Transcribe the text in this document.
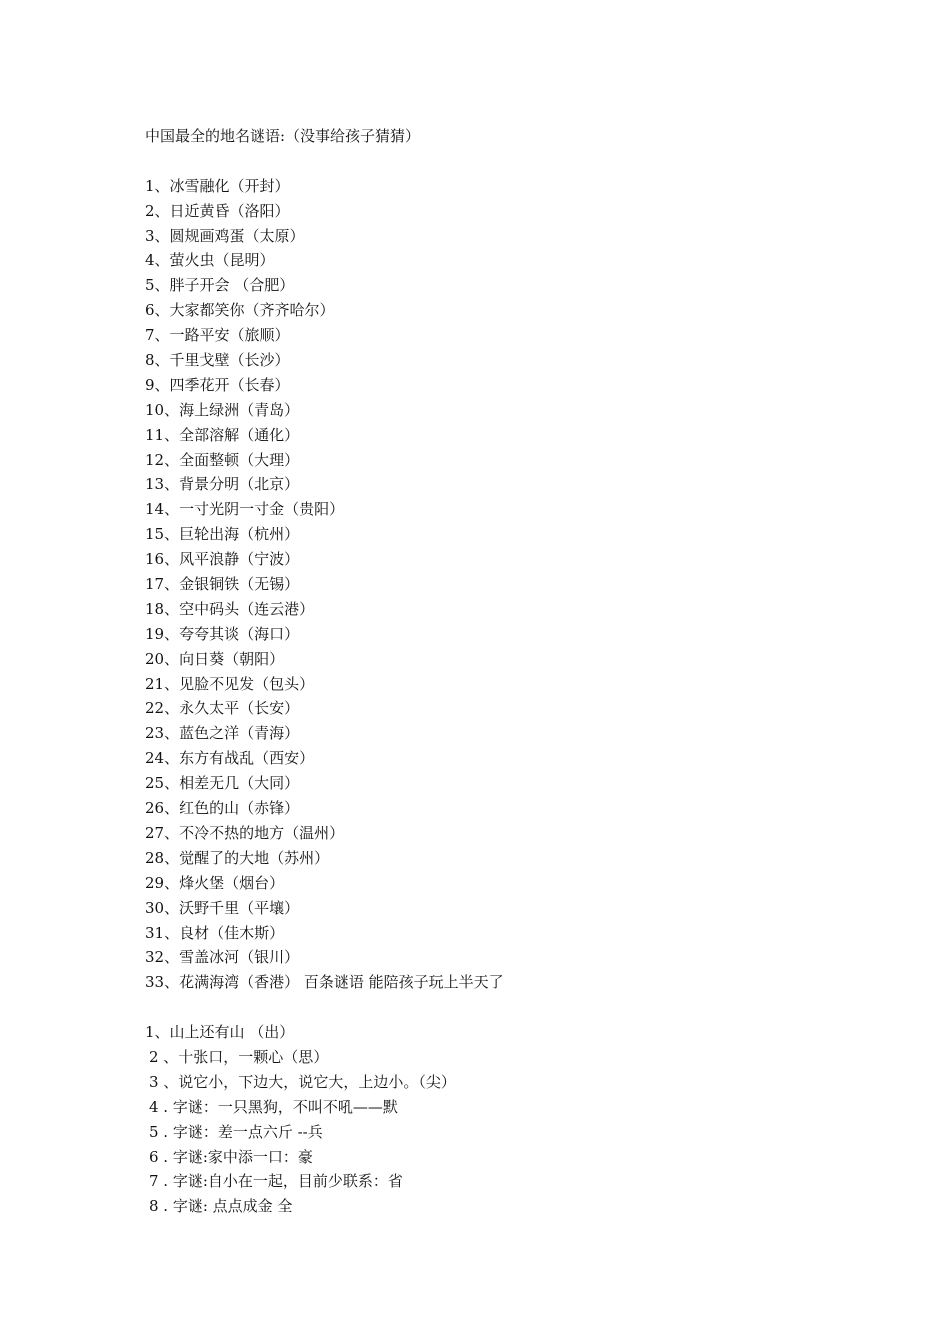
中国最全的地名谜语:（没事给孩子猜猜）
1、冰雪融化（开封）
2、日近黄昏（洛阳）
3、圆规画鸡蛋（太原）
4、萤火虫（昆明）
5、胖子开会 （合肥）
6、大家都笑你（齐齐哈尔）
7、一路平安（旅顺）
8、千里戈壁（长沙）
9、四季花开（长春）
10、海上绿洲（青岛）
11、全部溶解（通化）
12、全面整顿（大理）
13、背景分明（北京）
14、一寸光阴一寸金（贵阳）
15、巨轮出海（杭州）
16、风平浪静（宁波）
17、金银铜铁（无锡）
18、空中码头（连云港）
19、夸夸其谈（海口）
20、向日葵（朝阳）
21、见脸不见发（包头）
22、永久太平（长安）
23、蓝色之洋（青海）
24、东方有战乱（西安）
25、相差无几（大同）
26、红色的山（赤锋）
27、不冷不热的地方（温州）
28、觉醒了的大地（苏州）
29、烽火堡（烟台）
30、沃野千里（平壤）
31、良材（佳木斯）
32、雪盖冰河（银川）
33、花满海湾（香港） 百条谜语 能陪孩子玩上半天了
1、山上还有山 （出）
2 、十张口，一颗心（思）
3 、说它小，下边大，说它大，上边小。（尖）
4 . 字谜：一只黑狗，不叫不吼——默
5 . 字谜：差一点六斤 --兵
6 . 字谜:家中添一口：豪
7 . 字谜:自小在一起，目前少联系：省
8 . 字谜: 点点成金 全
